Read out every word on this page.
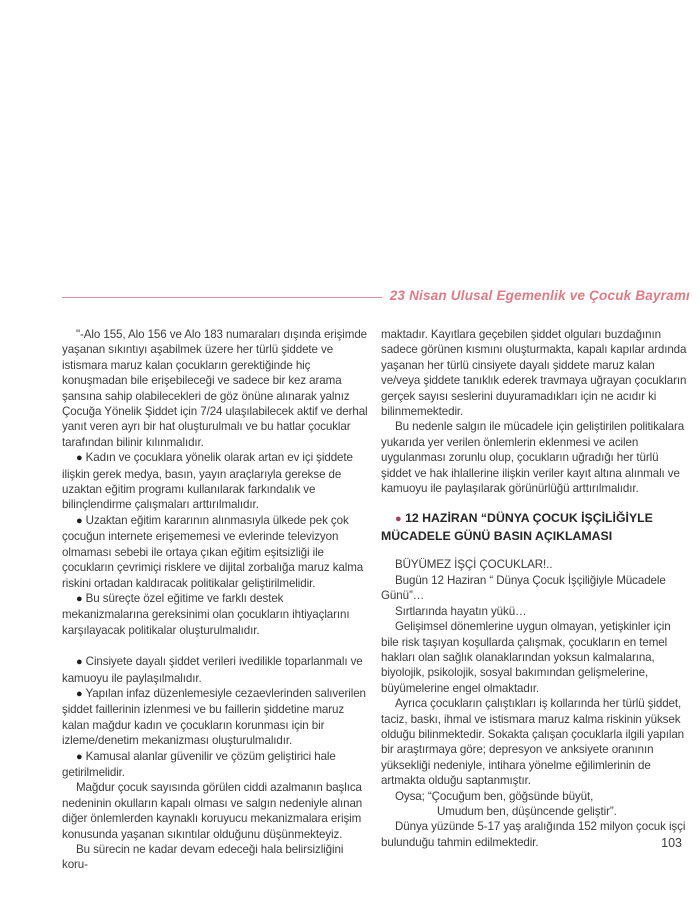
23 Nisan Ulusal Egemenlik ve Çocuk Bayramı

"-Alo 155, Alo 156 ve Alo 183 numaraları dışında erişimde yaşanan sıkıntıyı aşabilmek üzere her türlü şiddete ve istismara maruz kalan çocukların gerektiğinde hiç konuşmadan bile erişebileceği ve sadece bir kez arama şansına sahip olabilecekleri de göz önüne alınarak yalnız Çocuğa Yönelik Şiddet için 7/24 ulaşılabilecek aktif ve derhal yanıt veren ayrı bir hat oluşturulmalı ve bu hatlar çocuklar tarafından bilinir kılınmalıdır.

● Kadın ve çocuklara yönelik olarak artan ev içi şiddete ilişkin gerek medya, basın, yayın araçlarıyla gerekse de uzaktan eğitim programı kullanılarak farkındalık ve bilinçlendirme çalışmaları arttırılmalıdır.

● Uzaktan eğitim kararının alınmasıyla ülkede pek çok çocuğun internete erişememesi ve evlerinde televizyon olmaması sebebi ile ortaya çıkan eğitim eşitsizliği ile çocukların çevrimiçi risklere ve dijital zorbalığa maruz kalma riskini ortadan kaldıracak politikalar geliştirilmelidir.

● Bu süreçte özel eğitime ve farklı destek mekanizmalarına gereksinimi olan çocukların ihtiyaçlarını karşılayacak politikalar oluşturulmalıdır.

● Cinsiyete dayalı şiddet verileri ivedilikle toparlanmalı ve kamuoyu ile paylaşılmalıdır.

● Yapılan infaz düzenlemesiyle cezaevlerinden salıverilen şiddet faillerinin izlenmesi ve bu faillerin şiddetine maruz kalan mağdur kadın ve çocukların korunması için bir izleme/denetim mekanizması oluşturulmalıdır.

● Kamusal alanlar güvenilir ve çözüm geliştirici hale getirilmelidir.

Mağdur çocuk sayısında görülen ciddi azalmanın başlıca nedeninin okulların kapalı olması ve salgın nedeniyle alınan diğer önlemlerden kaynaklı koruyucu mekanizmalara erişim konusunda yaşanan sıkıntılar olduğunu düşünmekteyiz.

Bu sürecin ne kadar devam edeceği hala belirsizliğini koru-

maktadır. Kayıtlara geçebilen şiddet olguları buzdağının sadece görünen kısmını oluşturmakta, kapalı kapılar ardında yaşanan her türlü cinsiyete dayalı şiddete maruz kalan ve/veya şiddete tanıklık ederek travmaya uğrayan çocukların gerçek sayısı seslerini duyuramadıkları için ne acıdır ki bilinmemektedir.

Bu nedenle salgın ile mücadele için geliştirilen politikalara yukarıda yer verilen önlemlerin eklenmesi ve acilen uygulanması zorunlu olup, çocukların uğradığı her türlü şiddet ve hak ihlallerine ilişkin veriler kayıt altına alınmalı ve kamuoyu ile paylaşılarak görünürlüğü arttırılmalıdır.

● 12 HAZİRAN “DÜNYA ÇOCUK İŞÇİLİĞİYLE MÜCADELE GÜNÜ BASIN AÇIKLAMASI

BÜYÜMEZ İŞÇİ ÇOCUKLAR!..

Bugün 12 Haziran “ Dünya Çocuk İşçiliğiyle Mücadele Günü”…

Sırtlarında hayatın yükü…

Gelişimsel dönemlerine uygun olmayan, yetişkinler için bile risk taşıyan koşullarda çalışmak, çocukların en temel hakları olan sağlık olanaklarından yoksun kalmalarına, biyolojik, psikolojik, sosyal bakımından gelişmelerine, büyümelerine engel olmaktadır.

Ayrıca çocukların çalıştıkları iş kollarında her türlü şiddet, taciz, baskı, ihmal ve istismara maruz kalma riskinin yüksek olduğu bilinmektedir. Sokakta çalışan çocuklarla ilgili yapılan bir araştırmaya göre; depresyon ve anksiyete oranının yüksekliği nedeniyle, intihara yönelme eğilimlerinin de artmakta olduğu saptanmıştır.

Oysa; “Çocuğum ben, göğsünde büyüt,

Umudum ben, düşüncende geliştir”.

Dünya yüzünde 5-17 yaş aralığında 152 milyon çocuk işçi bulunduğu tahmin edilmektedir.	103
